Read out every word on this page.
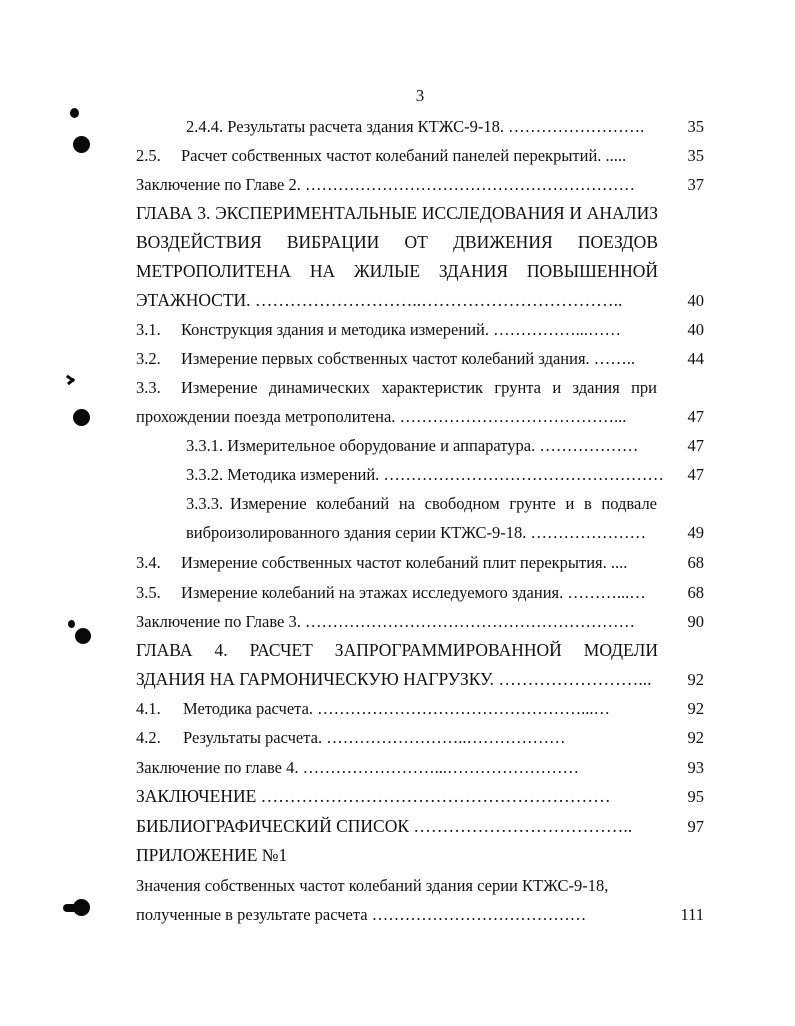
3
2.4.4. Результаты расчета здания КТЖС-9-18. …………………….	35
2.5. Расчет собственных частот колебаний панелей перекрытий. .....	35
Заключение по Главе 2. ……………………………………………………	37
ГЛАВА 3. ЭКСПЕРИМЕНТАЛЬНЫЕ ИССЛЕДОВАНИЯ И АНАЛИЗ
ВОЗДЕЙСТВИЯ ВИБРАЦИИ ОТ ДВИЖЕНИЯ ПОЕЗДОВ
МЕТРОПОЛИТЕНА НА ЖИЛЫЕ ЗДАНИЯ ПОВЫШЕННОЙ
ЭТАЖНОСТИ. ………………………..……………………………..	40
3.1. Конструкция здания и методика измерений. ……………...……	40
3.2. Измерение первых собственных частот колебаний здания. ……..	44
3.3. Измерение динамических характеристик грунта и здания при
прохождении поезда метрополитена. …………………………………...	47
3.3.1. Измерительное оборудование и аппаратура. ………………	47
3.3.2. Методика измерений. …………………………………………… 47
3.3.3. Измерение колебаний на свободном грунте и в подвале
виброизолированного здания серии КТЖС-9-18. …………………	49
3.4. Измерение собственных частот колебаний плит перекрытия. ....	68
3.5. Измерение колебаний на этажах исследуемого здания. ………...…	68
Заключение по Главе 3. ……………………………………………………	90
ГЛАВА 4. РАСЧЕТ ЗАПРОГРАММИРОВАННОЙ МОДЕЛИ
ЗДАНИЯ НА ГАРМОНИЧЕСКУЮ НАГРУЗКУ. ……………………... 92
4.1. Методика расчета. …………………………………………...…	92
4.2. Результаты расчета. ……………………..………………	92
Заключение по главе 4. ……………………...……………………	93
ЗАКЛЮЧЕНИЕ ……………………………………………………	95
БИБЛИОГРАФИЧЕСКИЙ СПИСОК ………………………………..	97
ПРИЛОЖЕНИЕ №1
Значения собственных частот колебаний здания серии КТЖС-9-18,
полученные в результате расчета …………………………………	111
